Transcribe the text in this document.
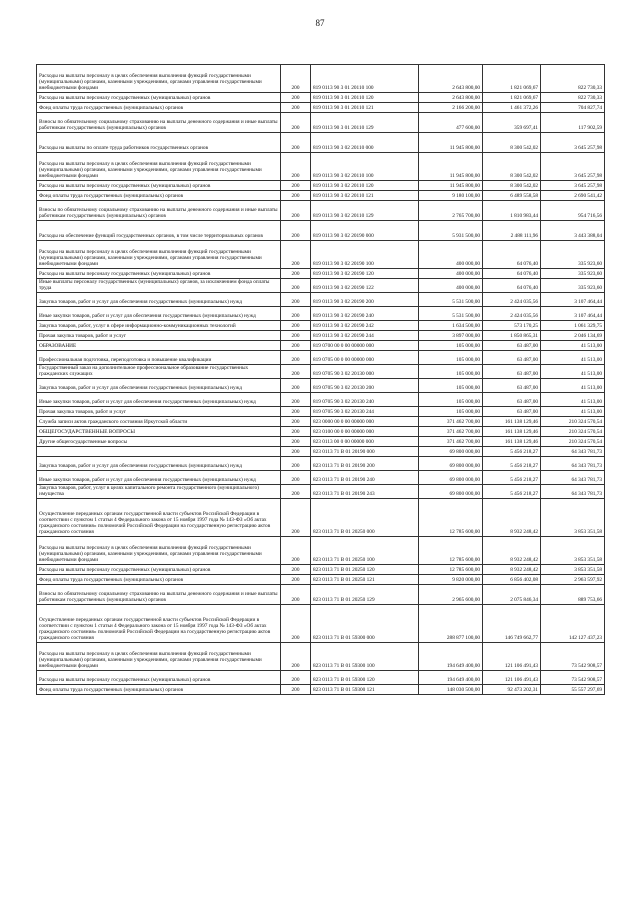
87
Расходы на выплаты персоналу в целях обеспечения выполнения функций государственными (муниципальными) органами, казенными учреждениями, органами управления государственными внебюджетными фондами	200	819 0113 90 3 01 20110 100	2 643 800,00	1 821 069,67	822 730,33
Расходы на выплаты персоналу государственных (муниципальных) органов	200	819 0113 90 3 01 20110 120	2 643 800,00	1 821 069,67	822 730,33
Фонд оплаты труда государственных (муниципальных) органов	200	819 0113 90 3 01 20110 121	2 166 200,00	1 461 372,26	704 827,74
Взносы по обязательному социальному страхованию на выплаты денежного содержания и иные выплаты работникам государственных (муниципальных) органов	200	819 0113 90 3 01 20110 129	477 600,00	359 697,41	117 902,59
Расходы на выплаты по оплате труда работников государственных органов	200	819 0113 90 3 02 20110 000	11 945 800,00	8 300 542,02	3 645 257,98
Расходы на выплаты персоналу в целях обеспечения выполнения функций государственными (муниципальными) органами, казенными учреждениями, органами управления государственными внебюджетными фондами	200	819 0113 90 3 02 20110 100	11 945 800,00	8 300 542,02	3 645 257,98
Расходы на выплаты персоналу государственных (муниципальных) органов	200	819 0113 90 3 02 20110 120	11 945 800,00	8 300 542,02	3 645 257,98
Фонд оплаты труда государственных (муниципальных) органов	200	819 0113 90 3 02 20110 121	9 180 100,00	6 489 558,58	2 690 541,42
Взносы по обязательному социальному страхованию на выплаты денежного содержания и иные выплаты работникам государственных (муниципальных) органов	200	819 0113 90 3 02 20110 129	2 765 700,00	1 810 983,44	954 716,56
Расходы на обеспечение функций государственных органов, в том числе территориальных органов	200	819 0113 90 3 02 20190 000	5 931 500,00	2 488 111,96	3 443 388,04
Расходы на выплаты персоналу в целях обеспечения выполнения функций государственными (муниципальными) органами, казенными учреждениями, органами управления государственными внебюджетными фондами	200	819 0113 90 3 02 20190 100	400 000,00	64 076,40	335 923,60
Расходы на выплаты персоналу государственных (муниципальных) органов	200	819 0113 90 3 02 20190 120	400 000,00	64 076,40	335 923,60
Иные выплаты персоналу государственных (муниципальных) органов, за исключением фонда оплаты труда	200	819 0113 90 3 02 20190 122	400 000,00	64 076,40	335 923,60
Закупка товаров, работ и услуг для обеспечения государственных (муниципальных) нужд	200	819 0113 90 3 02 20190 200	5 531 500,00	2 424 035,56	3 107 464,44
Иные закупки товаров, работ и услуг для обеспечения государственных (муниципальных) нужд	200	819 0113 90 3 02 20190 240	5 531 500,00	2 424 035,56	3 107 464,44
Закупка товаров, работ, услуг в сфере информационно-коммуникационных технологий	200	819 0113 90 3 02 20190 242	1 634 500,00	573 170,25	1 061 329,75
Прочая закупка товаров, работ и услуг	200	819 0113 90 3 02 20190 244	3 897 000,00	1 850 865,31	2 046 134,69
ОБРАЗОВАНИЕ	200	819 0700 00 0 00 00000 000	105 000,00	63 487,00	41 513,00
Профессиональная подготовка, переподготовка и повышение квалификации	200	819 0705 00 0 00 00000 000	105 000,00	63 487,00	41 513,00
Государственный заказ на дополнительное профессиональное образование государственных гражданских служащих	200	819 0705 90 3 02 20130 000	105 000,00	63 487,00	41 513,00
Закупка товаров, работ и услуг для обеспечения государственных (муниципальных) нужд	200	819 0705 90 3 02 20130 200	105 000,00	63 487,00	41 513,00
Иные закупки товаров, работ и услуг для обеспечения государственных (муниципальных) нужд	200	819 0705 90 3 02 20130 240	105 000,00	63 487,00	41 513,00
Прочая закупка товаров, работ и услуг	200	819 0705 90 3 02 20130 244	105 000,00	63 487,00	41 513,00
Служба записи актов гражданского состояния Иркутской области	200	823 0000 00 0 00 00000 000	371 462 700,00	161 138 129,46	210 324 570,54
ОБЩЕГОСУДАРСТВЕННЫЕ ВОПРОСЫ	200	823 0100 00 0 00 00000 000	371 462 700,00	161 138 129,46	210 324 570,54
Другие общегосударственные вопросы	200	823 0113 00 0 00 00000 000	371 462 700,00	161 138 129,46	210 324 570,54
	200	823 0113 71 В 01 20190 000	69 800 000,00	5 456 218,27	64 343 781,73
Закупка товаров, работ и услуг для обеспечения государственных (муниципальных) нужд	200	823 0113 71 В 01 20190 200	69 800 000,00	5 456 218,27	64 343 781,73
Иные закупки товаров, работ и услуг для обеспечения государственных (муниципальных) нужд	200	823 0113 71 В 01 20190 240	69 800 000,00	5 456 218,27	64 343 781,73
Закупка товаров, работ, услуг в целях капитального ремонта государственного (муниципального) имущества	200	823 0113 71 В 01 20190 243	69 800 000,00	5 456 218,27	64 343 781,73
Осуществление переданных органам государственной власти субъектов Российской Федерации в соответствии с пунктом 1 статьи 4 Федерального закона от 15 ноября 1997 года № 143-ФЗ «Об актах гражданского состояния» полномочий Российской Федерации на государственную регистрацию актов гражданского состояния	200	823 0113 71 В 01 20250 000	12 785 600,00	8 932 248,42	3 853 351,58
Расходы на выплаты персоналу в целях обеспечения выполнения функций государственными (муниципальными) органами, казенными учреждениями, органами управления государственными внебюджетными фондами	200	823 0113 71 В 01 20250 100	12 785 600,00	8 932 248,42	3 853 351,58
Расходы на выплаты персоналу государственных (муниципальных) органов	200	823 0113 71 В 01 20250 120	12 785 600,00	8 932 248,42	3 853 351,58
Фонд оплаты труда государственных (муниципальных) органов	200	823 0113 71 В 01 20250 121	9 820 000,00	6 856 402,08	2 963 597,92
Взносы по обязательному социальному страхованию на выплаты денежного содержания и иные выплаты работникам государственных (муниципальных) органов	200	823 0113 71 В 01 20250 129	2 965 600,00	2 075 846,34	889 753,66
Осуществление переданных органам государственной власти субъектов Российской Федерации в соответствии с пунктом 1 статьи 4 Федерального закона от 15 ноября 1997 года № 143-ФЗ «Об актах гражданского состояния» полномочий Российской Федерации на государственную регистрацию актов гражданского состояния	200	823 0113 71 В 01 59300 000	288 877 100,00	146 749 662,77	142 127 437,23
Расходы на выплаты персоналу в целях обеспечения выполнения функций государственными (муниципальными) органами, казенными учреждениями, органами управления государственными внебюджетными фондами	200	823 0113 71 В 01 59300 100	194 649 400,00	121 106 491,43	73 542 908,57
Расходы на выплаты персоналу государственных (муниципальных) органов	200	823 0113 71 В 01 59300 120	194 649 400,00	121 106 491,43	73 542 908,57
Фонд оплаты труда государственных (муниципальных) органов	200	823 0113 71 В 01 59300 121	148 030 500,00	92 473 202,31	55 557 297,69
